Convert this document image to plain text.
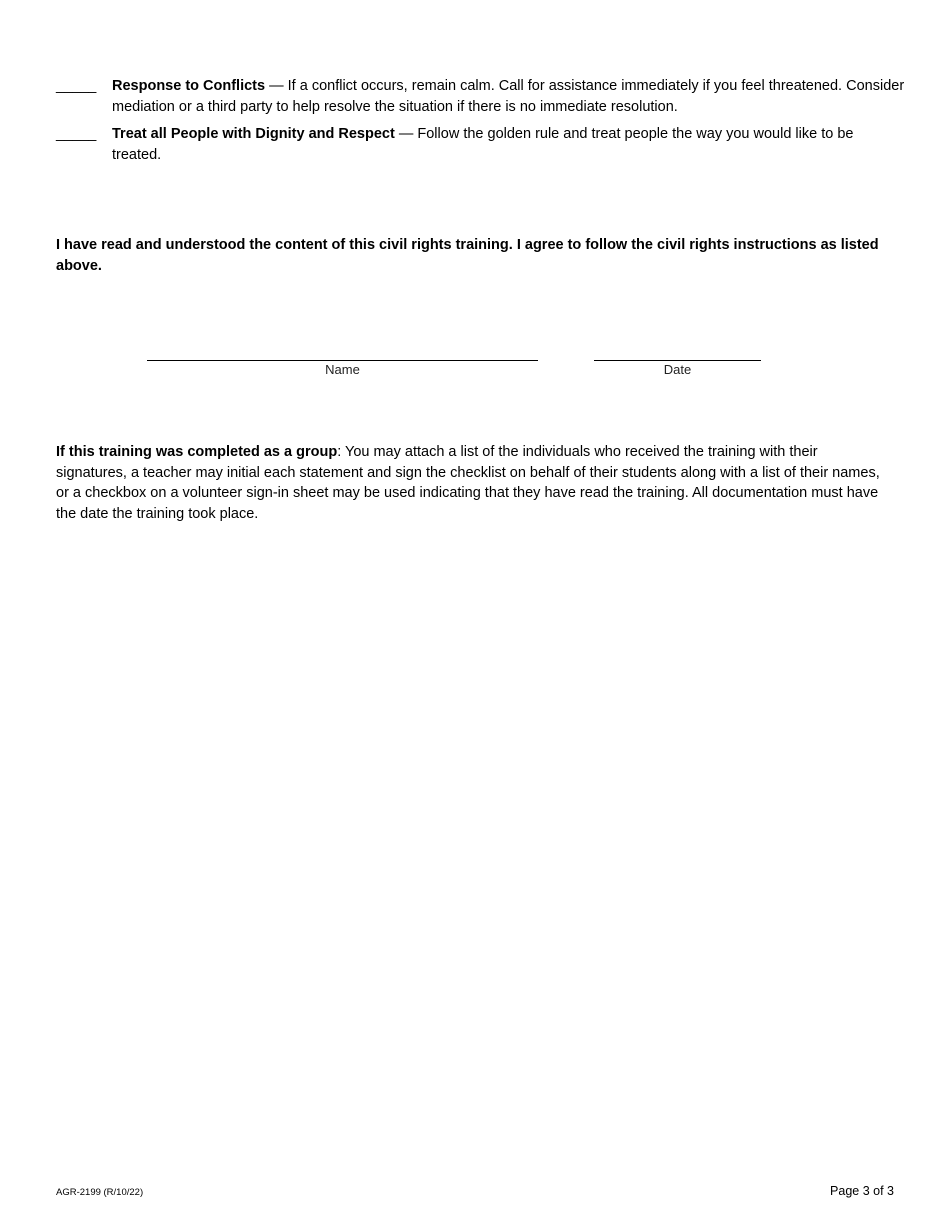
_____	Response to Conflicts — If a conflict occurs, remain calm. Call for assistance immediately if you feel threatened. Consider mediation or a third party to help resolve the situation if there is no immediate resolution.
_____	Treat all People with Dignity and Respect — Follow the golden rule and treat people the way you would like to be treated.
I have read and understood the content of this civil rights training. I agree to follow the civil rights instructions as listed above.
Name	Date
If this training was completed as a group: You may attach a list of the individuals who received the training with their signatures, a teacher may initial each statement and sign the checklist on behalf of their students along with a list of their names, or a checkbox on a volunteer sign-in sheet may be used indicating that they have read the training. All documentation must have the date the training took place.
AGR-2199 (R/10/22)	Page 3 of 3
